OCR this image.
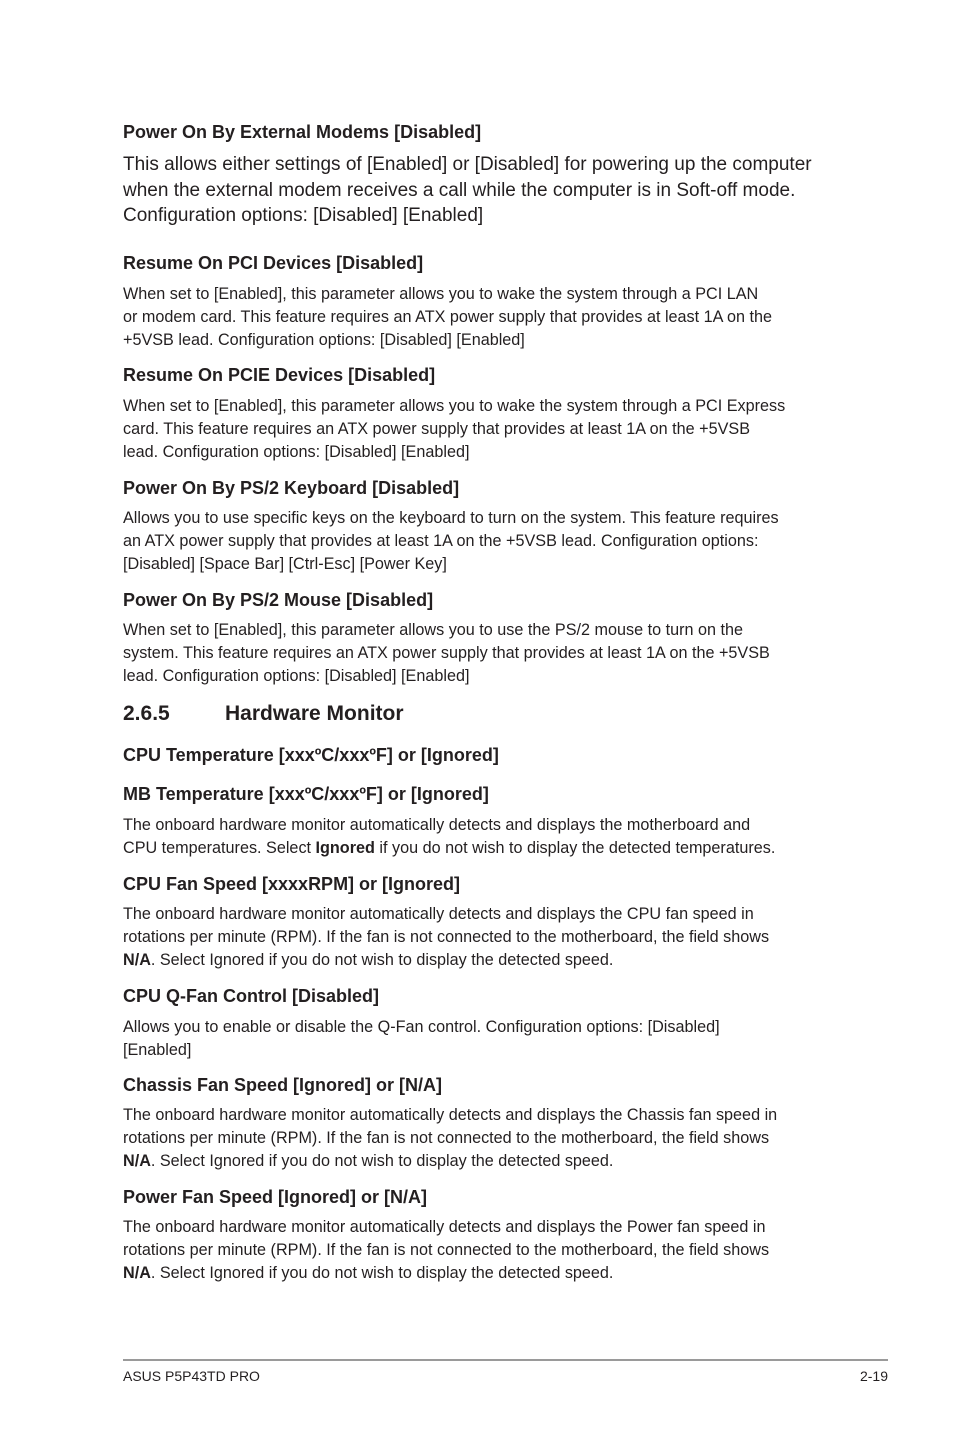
Power On By External Modems [Disabled]

This allows either settings of [Enabled] or [Disabled] for powering up the computer

when the external modem receives a call while the computer is in Soft-off mode.

Configuration options: [Disabled] [Enabled]

Resume On PCI Devices [Disabled]

When set to [Enabled], this parameter allows you to wake the system through a PCI LAN

or modem card. This feature requires an ATX power supply that provides at least 1A on the

+5VSB lead. Configuration options: [Disabled] [Enabled]

Resume On PCIE Devices [Disabled]

When set to [Enabled], this parameter allows you to wake the system through a PCI Express

card. This feature requires an ATX power supply that provides at least 1A on the +5VSB

lead. Configuration options: [Disabled] [Enabled]

Power On By PS/2 Keyboard [Disabled]

Allows you to use specific keys on the keyboard to turn on the system. This feature requires

an ATX power supply that provides at least 1A on the +5VSB lead. Configuration options:

[Disabled] [Space Bar] [Ctrl-Esc] [Power Key]

Power On By PS/2 Mouse [Disabled]

When set to [Enabled], this parameter allows you to use the PS/2 mouse to turn on the

system. This feature requires an ATX power supply that provides at least 1A on the +5VSB

lead. Configuration options: [Disabled] [Enabled]

2.6.5	Hardware Monitor
CPU Temperature [xxxºC/xxxºF] or [Ignored]
MB Temperature [xxxºC/xxxºF] or [Ignored]

The onboard hardware monitor automatically detects and displays the motherboard and

CPU temperatures. Select Ignored if you do not wish to display the detected temperatures.

CPU Fan Speed [xxxxRPM] or [Ignored]

The onboard hardware monitor automatically detects and displays the CPU fan speed in

rotations per minute (RPM). If the fan is not connected to the motherboard, the field shows

N/A. Select Ignored if you do not wish to display the detected speed.

CPU Q-Fan Control [Disabled]

Allows you to enable or disable the Q-Fan control. Configuration options: [Disabled]

[Enabled]

Chassis Fan Speed [Ignored] or [N/A]

The onboard hardware monitor automatically detects and displays the Chassis fan speed in

rotations per minute (RPM). If the fan is not connected to the motherboard, the field shows

N/A. Select Ignored if you do not wish to display the detected speed.

Power Fan Speed [Ignored] or [N/A]

The onboard hardware monitor automatically detects and displays the Power fan speed in

rotations per minute (RPM). If the fan is not connected to the motherboard, the field shows

N/A. Select Ignored if you do not wish to display the detected speed.

ASUS P5P43TD PRO	2-19
